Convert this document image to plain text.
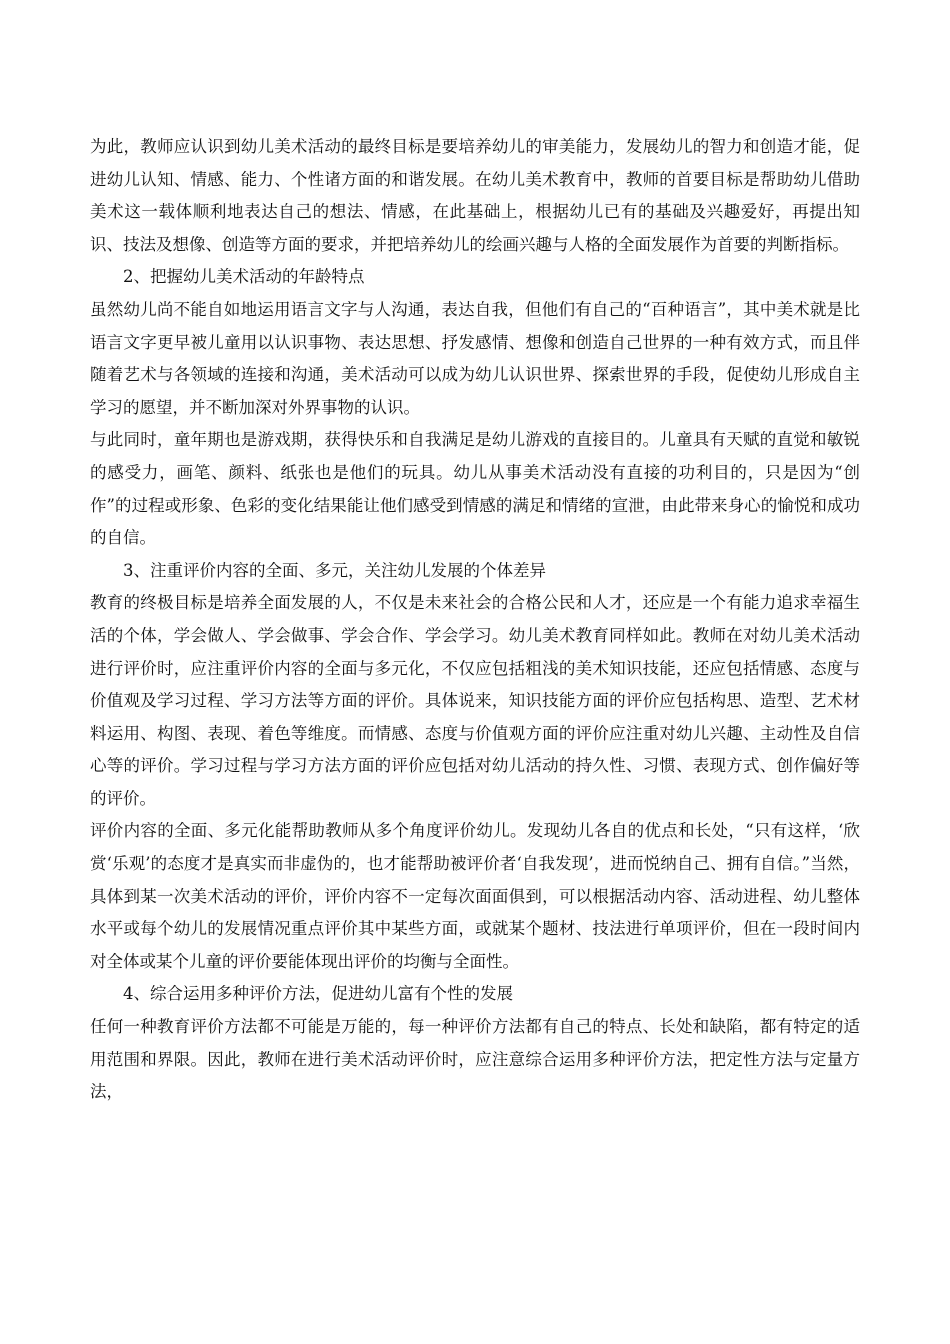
为此，教师应认识到幼儿美术活动的最终目标是要培养幼儿的审美能力，发展幼儿的智力和创造才能，促进幼儿认知、情感、能力、个性诸方面的和谐发展。在幼儿美术教育中，教师的首要目标是帮助幼儿借助美术这一载体顺利地表达自己的想法、情感，在此基础上，根据幼儿已有的基础及兴趣爱好，再提出知识、技法及想像、创造等方面的要求，并把培养幼儿的绘画兴趣与人格的全面发展作为首要的判断指标。

2、把握幼儿美术活动的年龄特点

虽然幼儿尚不能自如地运用语言文字与人沟通，表达自我，但他们有自己的“百种语言”，其中美术就是比语言文字更早被儿童用以认识事物、表达思想、抒发感情、想像和创造自己世界的一种有效方式，而且伴随着艺术与各领域的连接和沟通，美术活动可以成为幼儿认识世界、探索世界的手段，促使幼儿形成自主学习的愿望，并不断加深对外界事物的认识。

与此同时，童年期也是游戏期，获得快乐和自我满足是幼儿游戏的直接目的。儿童具有天赋的直觉和敏锐的感受力，画笔、颜料、纸张也是他们的玩具。幼儿从事美术活动没有直接的功利目的，只是因为“创作”的过程或形象、色彩的变化结果能让他们感受到情感的满足和情绪的宣泄，由此带来身心的愉悦和成功的自信。

3、注重评价内容的全面、多元，关注幼儿发展的个体差异

教育的终极目标是培养全面发展的人，不仅是未来社会的合格公民和人才，还应是一个有能力追求幸福生活的个体，学会做人、学会做事、学会合作、学会学习。幼儿美术教育同样如此。教师在对幼儿美术活动进行评价时，应注重评价内容的全面与多元化，不仅应包括粗浅的美术知识技能，还应包括情感、态度与价值观及学习过程、学习方法等方面的评价。具体说来，知识技能方面的评价应包括构思、造型、艺术材料运用、构图、表现、着色等维度。而情感、态度与价值观方面的评价应注重对幼儿兴趣、主动性及自信心等的评价。学习过程与学习方法方面的评价应包括对幼儿活动的持久性、习惯、表现方式、创作偏好等的评价。

评价内容的全面、多元化能帮助教师从多个角度评价幼儿。发现幼儿各自的优点和长处，“只有这样，‘欣赏‘乐观’的态度才是真实而非虚伪的，也才能帮助被评价者‘自我发现’，进而悦纳自己、拥有自信。”当然，具体到某一次美术活动的评价，评价内容不一定每次面面俱到，可以根据活动内容、活动进程、幼儿整体水平或每个幼儿的发展情况重点评价其中某些方面，或就某个题材、技法进行单项评价，但在一段时间内对全体或某个儿童的评价要能体现出评价的均衡与全面性。

4、综合运用多种评价方法，促进幼儿富有个性的发展

任何一种教育评价方法都不可能是万能的，每一种评价方法都有自己的特点、长处和缺陷，都有特定的适用范围和界限。因此，教师在进行美术活动评价时，应注意综合运用多种评价方法，把定性方法与定量方法，
